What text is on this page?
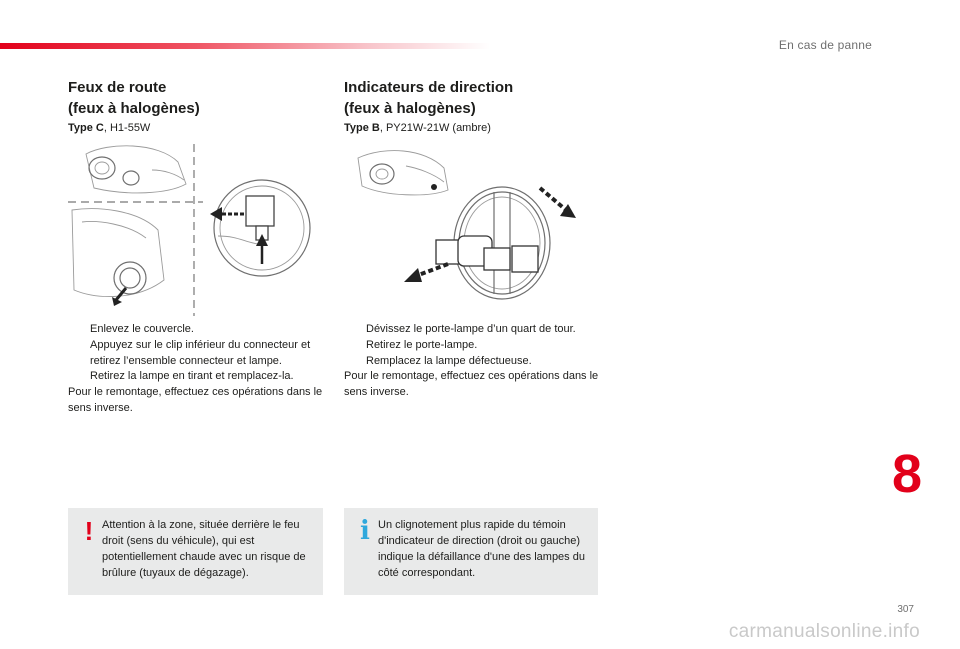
En cas de panne
Feux de route
(feux à halogènes)
Type C, H1-55W
Enlevez le couvercle.
Appuyez sur le clip inférieur du connecteur et retirez l’ensemble connecteur et lampe.
Retirez la lampe en tirant et remplacez-la.
Pour le remontage, effectuez ces opérations dans le sens inverse.
! Attention à la zone, située derrière le feu droit (sens du véhicule), qui est potentiellement chaude avec un risque de brûlure (tuyaux de dégazage).
Indicateurs de direction
(feux à halogènes)
Type B, PY21W-21W (ambre)
Dévissez le porte-lampe d’un quart de tour.
Retirez le porte-lampe.
Remplacez la lampe défectueuse.
Pour le remontage, effectuez ces opérations dans le sens inverse.
i Un clignotement plus rapide du témoin d'indicateur de direction (droit ou gauche) indique la défaillance d'une des lampes du côté correspondant.
8
307
carmanualsonline.info
